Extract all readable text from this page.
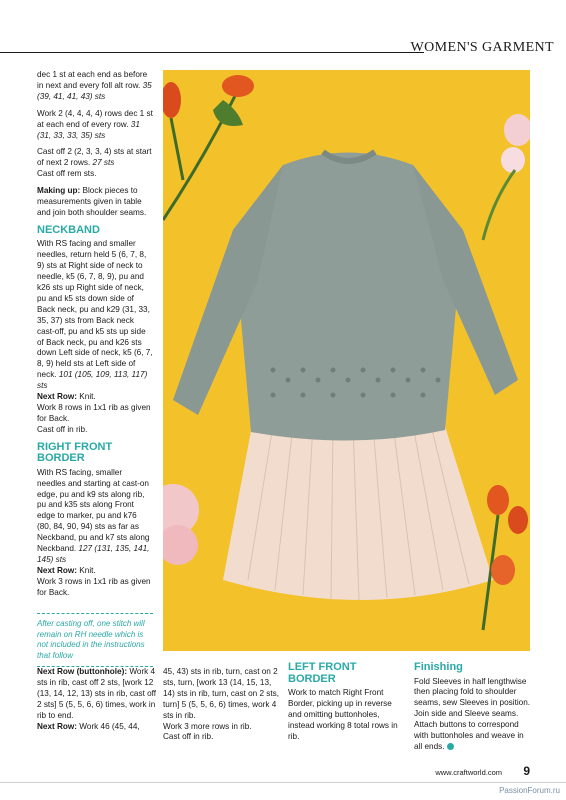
WOMEN'S GARMENT

dec 1 st at each end as before in next and every foll alt row. 35 (39, 41, 41, 43) sts

Work 2 (4, 4, 4, 4) rows dec 1 st at each end of every row. 31 (31, 33, 33, 35) sts

Cast off 2 (2, 3, 3, 4) sts at start of next 2 rows. 27 sts

Cast off rem sts.

Making up: Block pieces to measurements given in table and join both shoulder seams.

NECKBAND

With RS facing and smaller needles, return held 5 (6, 7, 8, 9) sts at Right side of neck to needle, k5 (6, 7, 8, 9), pu and k26 sts up Right side of neck, pu and k5 sts down side of Back neck, pu and k29 (31, 33, 35, 37) sts from Back neck cast-off, pu and k5 sts up side of Back neck, pu and k26 sts down Left side of neck, k5 (6, 7, 8, 9) held sts at Left side of neck. 101 (105, 109, 113, 117) sts

Next Row: Knit.

Work 8 rows in 1x1 rib as given for Back.

Cast off in rib.

RIGHT FRONT
BORDER

With RS facing, smaller needles and starting at cast-on edge, pu and k9 sts along rib, pu and k35 sts along Front edge to marker, pu and k76 (80, 84, 90, 94) sts as far as Neckband, pu and k7 sts along Neckband. 127 (131, 135, 141, 145) sts

Next Row: Knit.

Work 3 rows in 1x1 rib as given for Back.

After casting off, one stitch will remain on RH needle which is not included in the instructions that follow

Next Row (buttonhole): Work 4 sts in rib, cast off 2 sts, [work 12 (13, 14, 12, 13) sts in rib, cast off 2 sts] 5 (5, 5, 6, 6) times, work in rib to end.

Next Row: Work 46 (45, 44,

45, 43) sts in rib, turn, cast on 2 sts, turn, [work 13 (14, 15, 13, 14) sts in rib, turn, cast on 2 sts, turn] 5 (5, 5, 6, 6) times, work 4 sts in rib.

Work 3 more rows in rib.

Cast off in rib.

LEFT FRONT
BORDER

Work to match Right Front Border, picking up in reverse and omitting buttonholes, instead working 8 total rows in rib.

Finishing

Fold Sleeves in half lengthwise then placing fold to shoulder seams, sew Sleeves in position. Join side and Sleeve seams. Attach buttons to correspond with buttonholes and weave in all ends.

www.craftworld.com 9
PassionForum.ru
